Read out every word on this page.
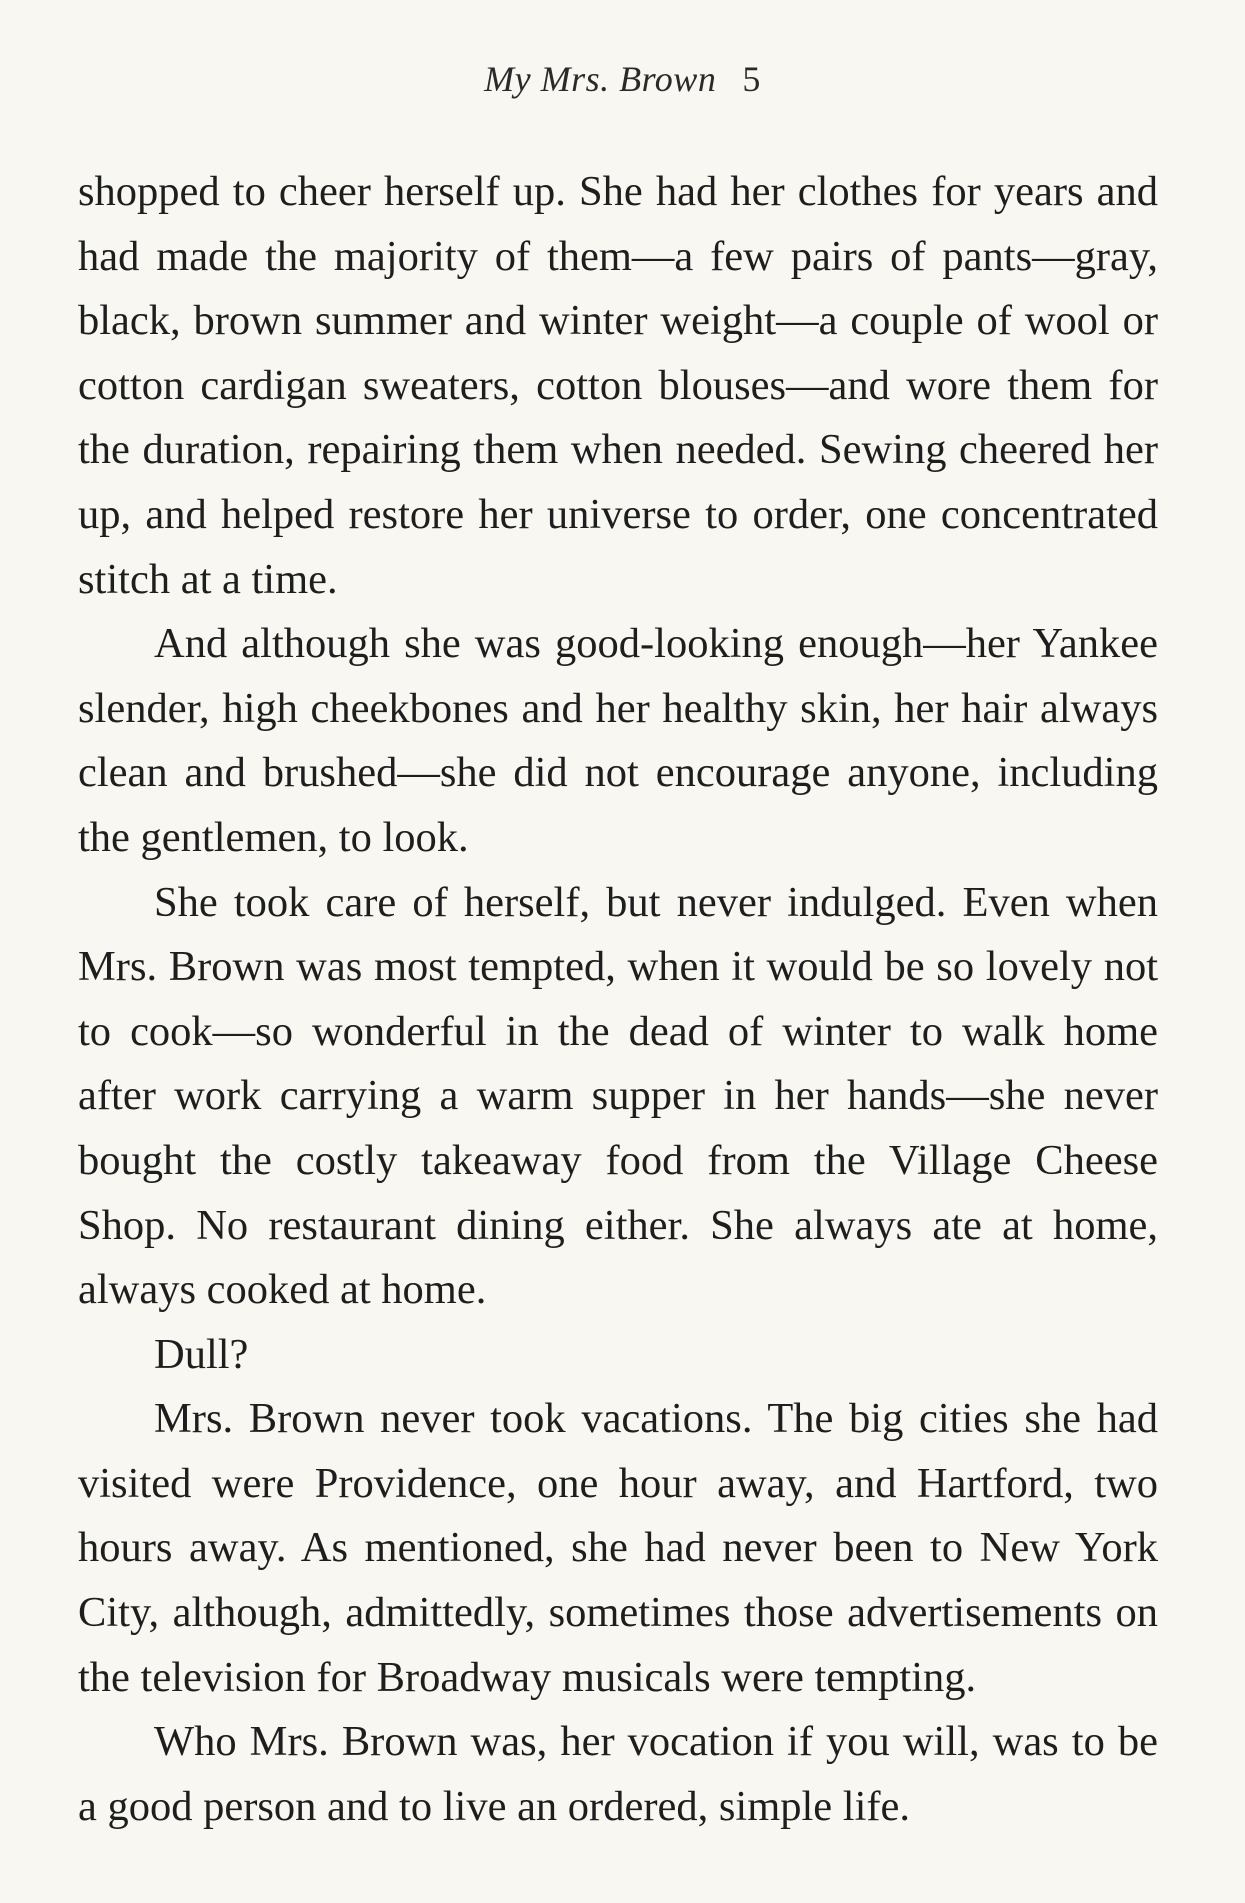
My Mrs. Brown 5

shopped to cheer herself up. She had her clothes for years and had made the majority of them—a few pairs of pants—gray, black, brown summer and winter weight—a couple of wool or cotton cardigan sweaters, cotton blouses—and wore them for the duration, repairing them when needed. Sewing cheered her up, and helped restore her universe to order, one concentrated stitch at a time.

And although she was good-looking enough—her Yankee slender, high cheekbones and her healthy skin, her hair always clean and brushed—she did not encourage anyone, including the gentlemen, to look.

She took care of herself, but never indulged. Even when Mrs. Brown was most tempted, when it would be so lovely not to cook—so wonderful in the dead of winter to walk home after work carrying a warm supper in her hands—she never bought the costly takeaway food from the Village Cheese Shop. No restaurant dining either. She always ate at home, always cooked at home.

Dull?

Mrs. Brown never took vacations. The big cities she had visited were Providence, one hour away, and Hartford, two hours away. As mentioned, she had never been to New York City, although, admittedly, sometimes those advertisements on the television for Broadway musicals were tempting.

Who Mrs. Brown was, her vocation if you will, was to be a good person and to live an ordered, simple life.
